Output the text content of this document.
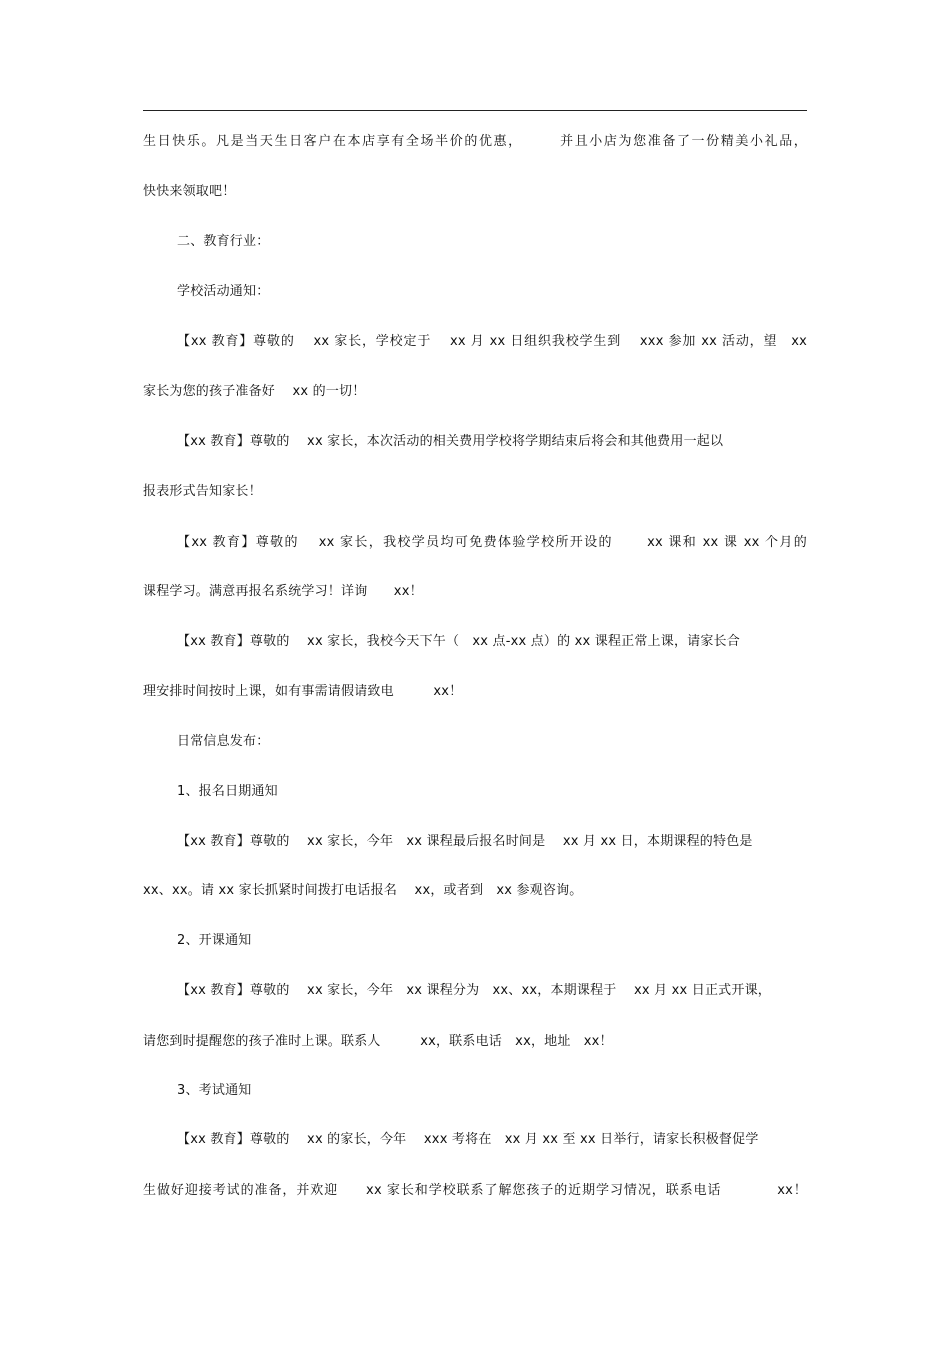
生日快乐。凡是当天生日客户在本店享有全场半价的优惠，　　　并且小店为您准备了一份精美小礼品，
快快来领取吧！
二、教育行业：
学校活动通知：
【xx 教育】尊敬的　 xx 家长，学校定于　 xx 月 xx 日组织我校学生到　 xxx 参加 xx 活动，望　xx
家长为您的孩子准备好　 xx 的一切！
【xx 教育】尊敬的　 xx 家长，本次活动的相关费用学校将学期结束后将会和其他费用一起以
报表形式告知家长！
【xx 教育】尊敬的　 xx 家长，我校学员均可免费体验学校所开设的　　 xx 课和 xx 课 xx 个月的
课程学习。满意再报名系统学习！详询　　xx！
【xx 教育】尊敬的　 xx 家长，我校今天下午（　xx 点-xx 点）的 xx 课程正常上课，请家长合
理安排时间按时上课，如有事需请假请致电　　　xx！
日常信息发布：
1、报名日期通知
【xx 教育】尊敬的　 xx 家长，今年　xx 课程最后报名时间是　 xx 月 xx 日，本期课程的特色是
xx、xx。请 xx 家长抓紧时间拨打电话报名　 xx，或者到　xx 参观咨询。
2、开课通知
【xx 教育】尊敬的　 xx 家长，今年　xx 课程分为　xx、xx，本期课程于　 xx 月 xx 日正式开课，
请您到时提醒您的孩子准时上课。联系人　　　xx，联系电话　xx，地址　xx！
3、考试通知
【xx 教育】尊敬的　 xx 的家长，今年　 xxx 考将在　xx 月 xx 至 xx 日举行，请家长积极督促学
生做好迎接考试的准备，并欢迎　　xx 家长和学校联系了解您孩子的近期学习情况，联系电话　　　　xx！
